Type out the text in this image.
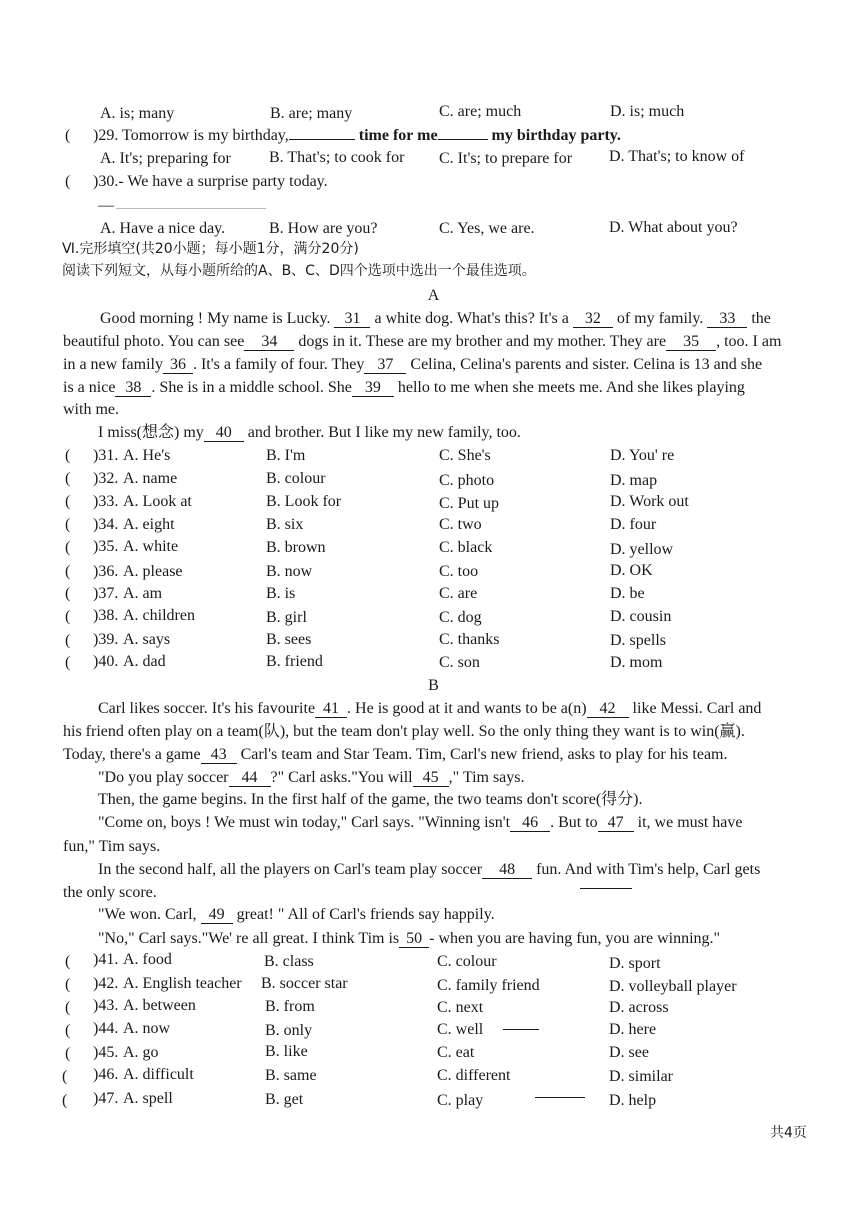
A. is; many	B. are; many	C. are; much	D. is; much
( )29. Tomorrow is my birthday,	time for me	my birthday party.
A. It's; preparing for B. That's; to cook for C. It's; to prepare for D. That's; to know of
( )30.- We have a surprise party today.
—
A. Have a nice day.	B. How are you?	C. Yes, we are.	D. What about you?
Ⅵ.完形填空(共20小题；每小题1分，满分20分)
阅读下列短文，从每小题所给的A、B、C、D四个选项中选出一个最佳选项。
A
Good morning ! My name is Lucky. 31 a white dog. What's this? It's a 32 of my family. 33 the
beautiful photo. You can see 34 dogs in it. These are my brother and my mother. They are 35 , too. I am
in a new family 36 . It's a family of four. They 37 Celina, Celina's parents and sister. Celina is 13 and she
is a nice 38 . She is in a middle school. She 39 hello to me when she meets me. And she likes playing
with me.
I miss(想念) my 40 and brother. But I like my new family, too.
( )31. A. He's	B. I'm	C. She's	D. You' re
( )32. A. name	B. colour	C. photo	D. map
( )33. A. Look at	B. Look for	C. Put up	D. Work out
( )34. A. eight	B. six	C. two	D. four
( )35. A. white	B. brown	C. black	D. yellow
( )36. A. please	B. now	C. too	D. OK
( )37. A. am	B. is	C. are	D. be
( )38. A. children	B. girl	C. dog	D. cousin
( )39. A. says	B. sees	C. thanks	D. spells
( )40. A. dad	B. friend	C. son	D. mom
B
Carl likes soccer. It's his favourite 41 . He is good at it and wants to be a(n) 42 like Messi. Carl and
his friend often play on a team(队), but the team don't play well. So the only thing they want is to win(赢).
Today, there's a game 43 Carl's team and Star Team. Tim, Carl's new friend, asks to play for his team.
"Do you play soccer 44 ?" Carl asks."You will 45 ," Tim says.
Then, the game begins. In the first half of the game, the two teams don't score(得分).
"Come on, boys ! We must win today," Carl says. "Winning isn't 46 . But to 47 it, we must have
fun," Tim says.
In the second half, all the players on Carl's team play soccer 48 fun. And with Tim's help, Carl gets
the only score.
"We won. Carl, 49 great! " All of Carl's friends say happily.
"No," Carl says."We' re all great. I think Tim is 50 - when you are having fun, you are winning."
( )41. A. food	B. class	C. colour	D. sport
( )42. A. English teacher B. soccer star	C. family friend	D. volleyball player
( )43. A. between	B. from	C. next	D. across
( )44. A. now	B. only	C. well	D. here
( )45. A. go	B. like	C. eat	D. see
( )46. A. difficult	B. same	C. different	D. similar
( )47. A. spell	B. get	C. play	D. help
共4页
